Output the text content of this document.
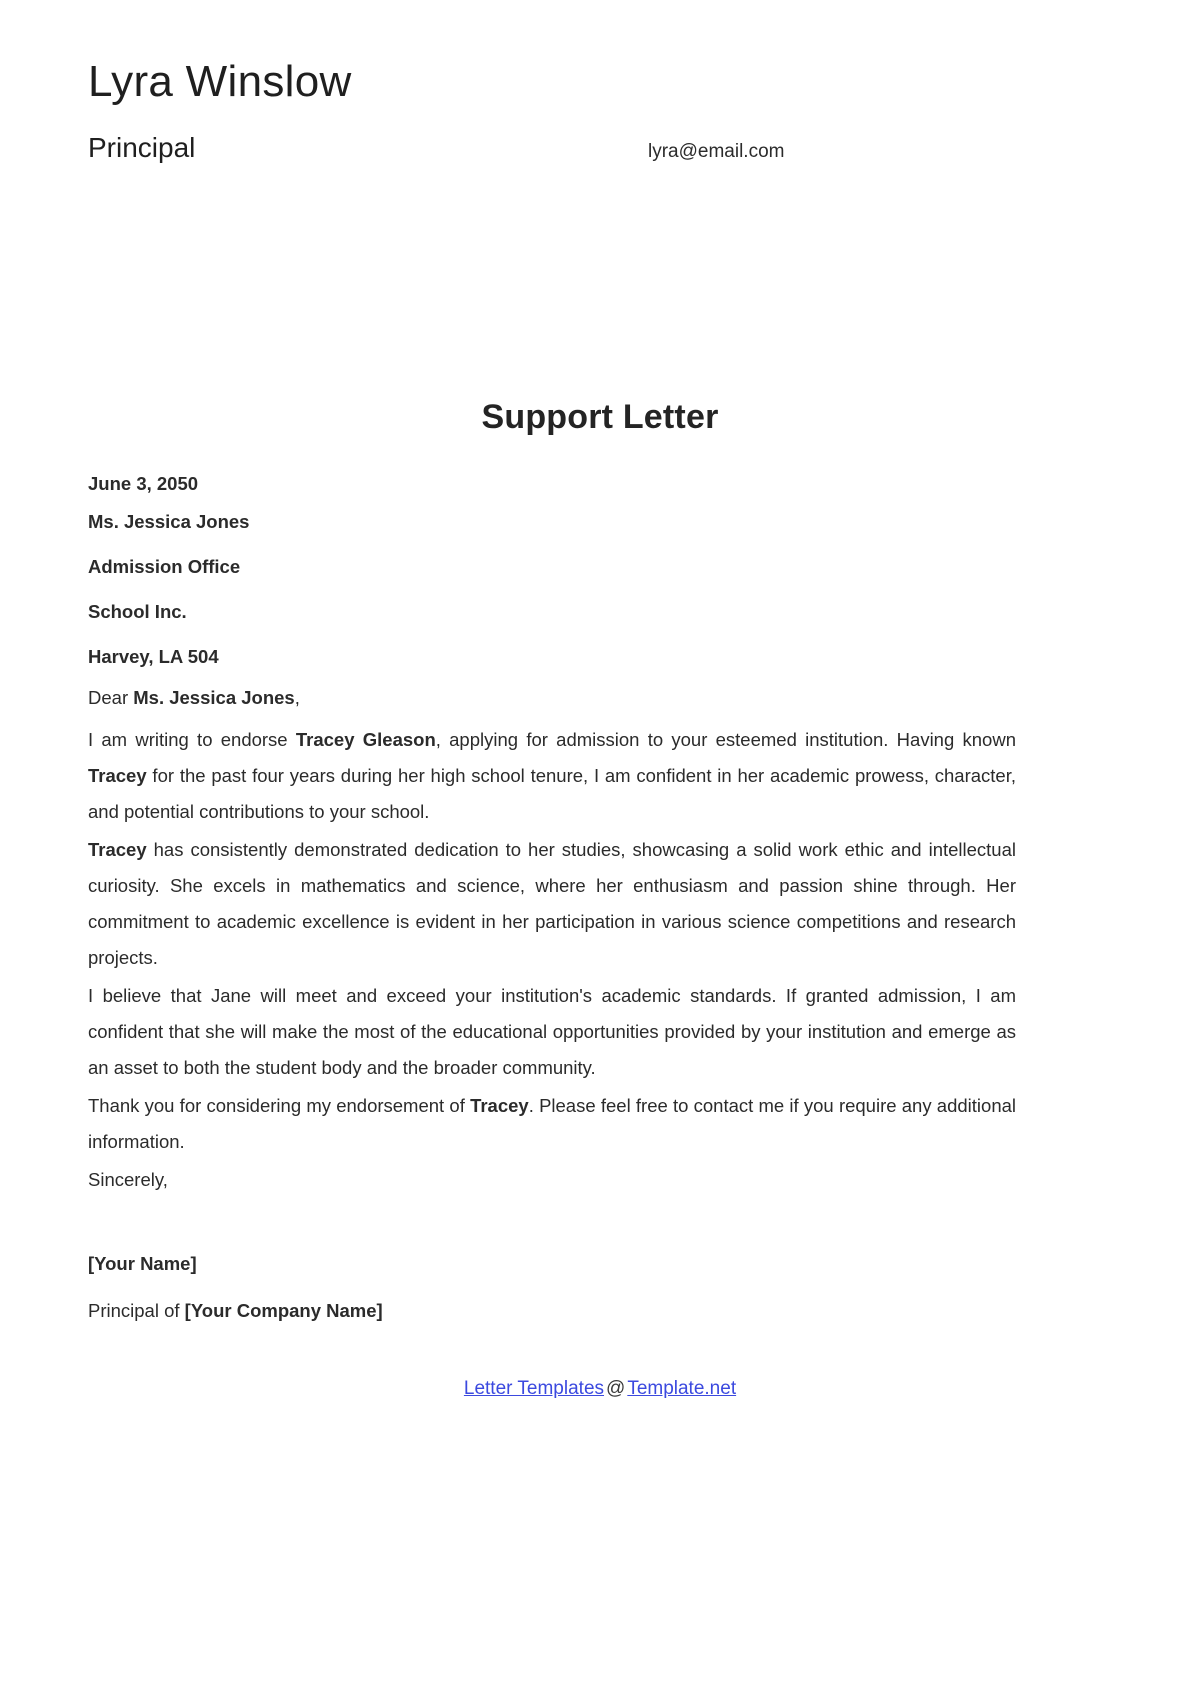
Lyra Winslow
Principal	lyra@email.com
Support Letter
June 3, 2050
Ms. Jessica Jones
Admission Office
School Inc.
Harvey, LA 504
Dear Ms. Jessica Jones,

I am writing to endorse Tracey Gleason, applying for admission to your esteemed institution. Having known Tracey for the past four years during her high school tenure, I am confident in her academic prowess, character, and potential contributions to your school.

Tracey has consistently demonstrated dedication to her studies, showcasing a solid work ethic and intellectual curiosity. She excels in mathematics and science, where her enthusiasm and passion shine through. Her commitment to academic excellence is evident in her participation in various science competitions and research projects.

I believe that Jane will meet and exceed your institution's academic standards. If granted admission, I am confident that she will make the most of the educational opportunities provided by your institution and emerge as an asset to both the student body and the broader community.

Thank you for considering my endorsement of Tracey. Please feel free to contact me if you require any additional information.

Sincerely,
[Your Name]
Principal of [Your Company Name]
Letter Templates @ Template.net
